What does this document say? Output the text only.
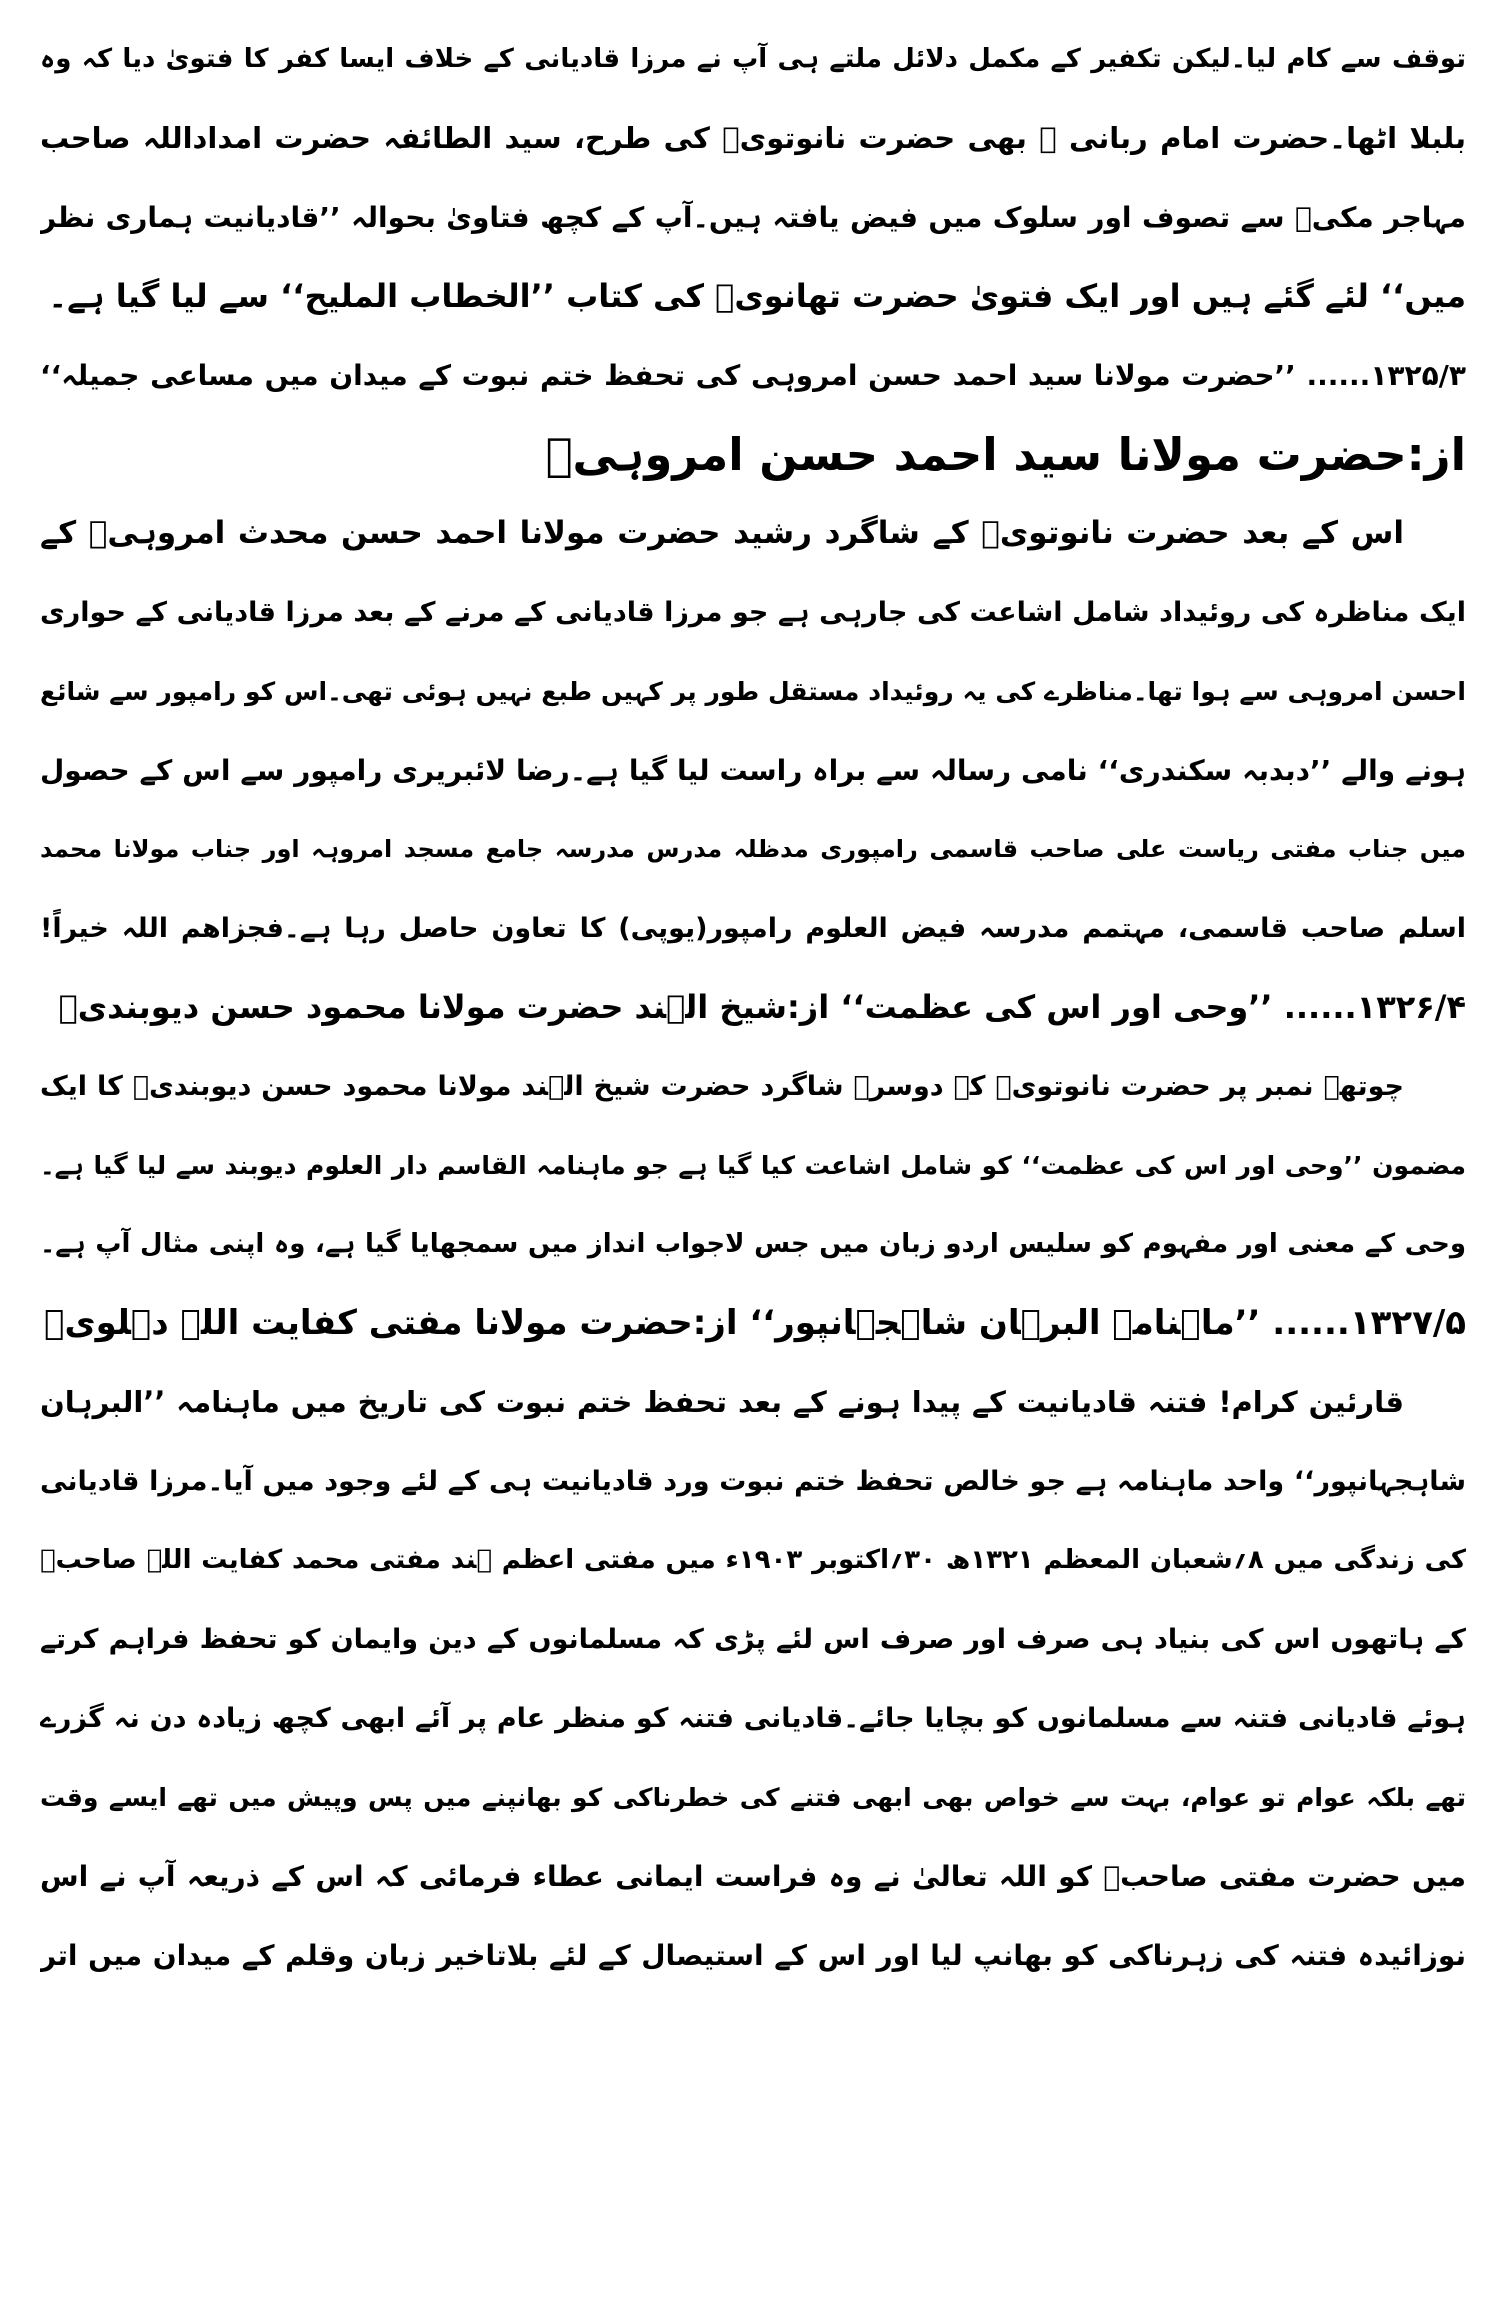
توقف سے کام لیا۔لیکن تکفیر کے مکمل دلائل ملتے ہی آپ نے مرزا قادیانی کے خلاف ایسا کفر کا فتویٰ دیا کہ وہ
بلبلا اٹھا۔حضرت امام ربانی ؒ بھی حضرت نانوتویؒ کی طرح، سید الطائفہ حضرت امداداللہ صاحب
مہاجر مکیؒ سے تصوف اور سلوک میں فیض یافتہ ہیں۔آپ کے کچھ فتاویٰ بحوالہ ’’قادیانیت ہماری نظر
میں‘‘ لئے گئے ہیں اور ایک فتویٰ حضرت تھانویؒ کی کتاب ’’الخطاب الملیح‘‘ سے لیا گیا ہے۔
۱۳۲۵/۳...... ’’حضرت مولانا سید احمد حسن امروہی کی تحفظ ختم نبوت کے میدان میں مساعی جمیلہ‘‘
از:حضرت مولانا سید احمد حسن امروہیؒ
اس کے بعد حضرت نانوتویؒ کے شاگرد رشید حضرت مولانا احمد حسن محدث امروہیؒ کے
ایک مناظرہ کی روئیداد شامل اشاعت کی جارہی ہے جو مرزا قادیانی کے مرنے کے بعد مرزا قادیانی کے حواری
احسن امروہی سے ہوا تھا۔مناظرے کی یہ روئیداد مستقل طور پر کہیں طبع نہیں ہوئی تھی۔اس کو رامپور سے شائع
ہونے والے ’’دبدبہ سکندری‘‘ نامی رسالہ سے براہ راست لیا گیا ہے۔رضا لائبریری رامپور سے اس کے حصول
میں جناب مفتی ریاست علی صاحب قاسمی رامپوری مدظلہ مدرس مدرسہ جامع مسجد امروہہ اور جناب مولانا محمد
اسلم صاحب قاسمی، مہتمم مدرسہ فیض العلوم رامپور(یوپی) کا تعاون حاصل رہا ہے۔فجزاھم اللہ خیراً!
۱۳۲۶/۴...... ’’وحی اور اس کی عظمت‘‘ از:شیخ الہند حضرت مولانا محمود حسن دیوبندیؒ
چوتھے نمبر پر حضرت نانوتویؒ کے دوسرے شاگرد حضرت شیخ الہند مولانا محمود حسن دیوبندیؒ کا ایک
مضمون ’’وحی اور اس کی عظمت‘‘ کو شامل اشاعت کیا گیا ہے جو ماہنامہ القاسم دار العلوم دیوبند سے لیا گیا ہے۔
وحی کے معنی اور مفہوم کو سلیس اردو زبان میں جس لاجواب انداز میں سمجھایا گیا ہے، وہ اپنی مثال آپ ہے۔
۱۳۲۷/۵...... ’’ماہنامہ البرہان شاہجہانپور‘‘ از:حضرت مولانا مفتی کفایت اللہ دہلویؒ
قارئین کرام! فتنہ قادیانیت کے پیدا ہونے کے بعد تحفظ ختم نبوت کی تاریخ میں ماہنامہ ’’البرہان
شاہجہانپور‘‘ واحد ماہنامہ ہے جو خالص تحفظ ختم نبوت ورد قادیانیت ہی کے لئے وجود میں آیا۔مرزا قادیانی
کی زندگی میں ۸؍شعبان المعظم ۱۳۲۱ھ ۳۰؍اکتوبر ۱۹۰۳ء میں مفتی اعظم ہند مفتی محمد کفایت اللہ صاحبؒ
کے ہاتھوں اس کی بنیاد ہی صرف اور صرف اس لئے پڑی کہ مسلمانوں کے دین وایمان کو تحفظ فراہم کرتے
ہوئے قادیانی فتنہ سے مسلمانوں کو بچایا جائے۔قادیانی فتنہ کو منظر عام پر آئے ابھی کچھ زیادہ دن نہ گزرے
تھے بلکہ عوام تو عوام، بہت سے خواص بھی ابھی فتنے کی خطرناکی کو بھانپنے میں پس وپیش میں تھے ایسے وقت
میں حضرت مفتی صاحبؒ کو اللہ تعالیٰ نے وہ فراست ایمانی عطاء فرمائی کہ اس کے ذریعہ آپ نے اس
نوزائیدہ فتنہ کی زہرناکی کو بھانپ لیا اور اس کے استیصال کے لئے بلاتاخیر زبان وقلم کے میدان میں اتر
